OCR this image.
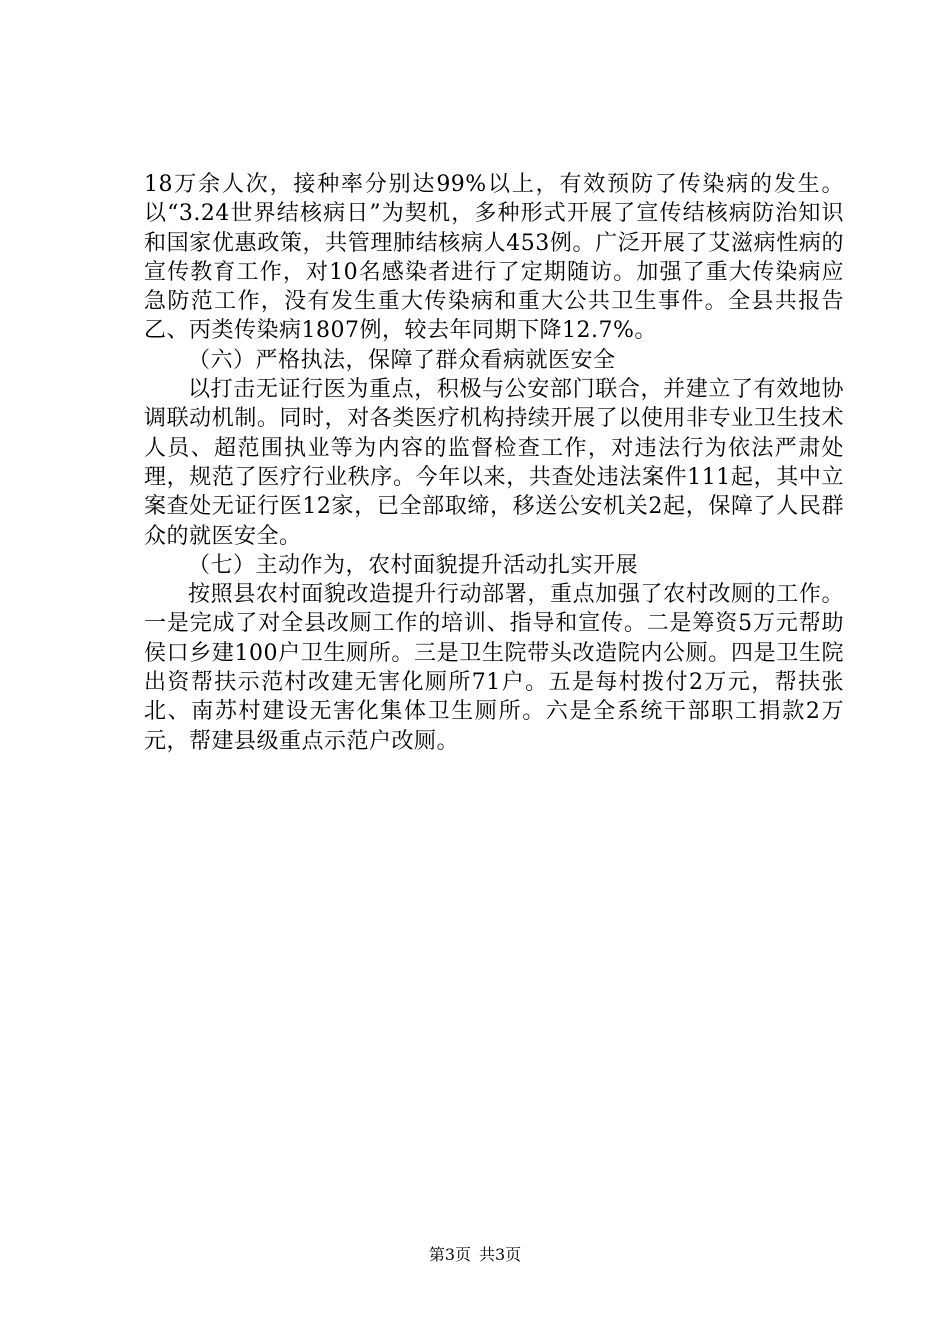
18万余人次，接种率分别达99%以上，有效预防了传染病的发生。以“3.24世界结核病日”为契机，多种形式开展了宣传结核病防治知识和国家优惠政策，共管理肺结核病人453例。广泛开展了艾滋病性病的宣传教育工作，对10名感染者进行了定期随访。加强了重大传染病应急防范工作，没有发生重大传染病和重大公共卫生事件。全县共报告乙、丙类传染病1807例，较去年同期下降12.7%。

（六）严格执法，保障了群众看病就医安全

以打击无证行医为重点，积极与公安部门联合，并建立了有效地协调联动机制。同时，对各类医疗机构持续开展了以使用非专业卫生技术人员、超范围执业等为内容的监督检查工作，对违法行为依法严肃处理，规范了医疗行业秩序。今年以来，共查处违法案件111起，其中立案查处无证行医12家，已全部取缔，移送公安机关2起，保障了人民群众的就医安全。

（七）主动作为，农村面貌提升活动扎实开展

按照县农村面貌改造提升行动部署，重点加强了农村改厕的工作。一是完成了对全县改厕工作的培训、指导和宣传。二是筹资5万元帮助侯口乡建100户卫生厕所。三是卫生院带头改造院内公厕。四是卫生院出资帮扶示范村改建无害化厕所71户。五是每村拨付2万元，帮扶张北、南苏村建设无害化集体卫生厕所。六是全系统干部职工捐款2万元，帮建县级重点示范户改厕。

第3页 共3页
